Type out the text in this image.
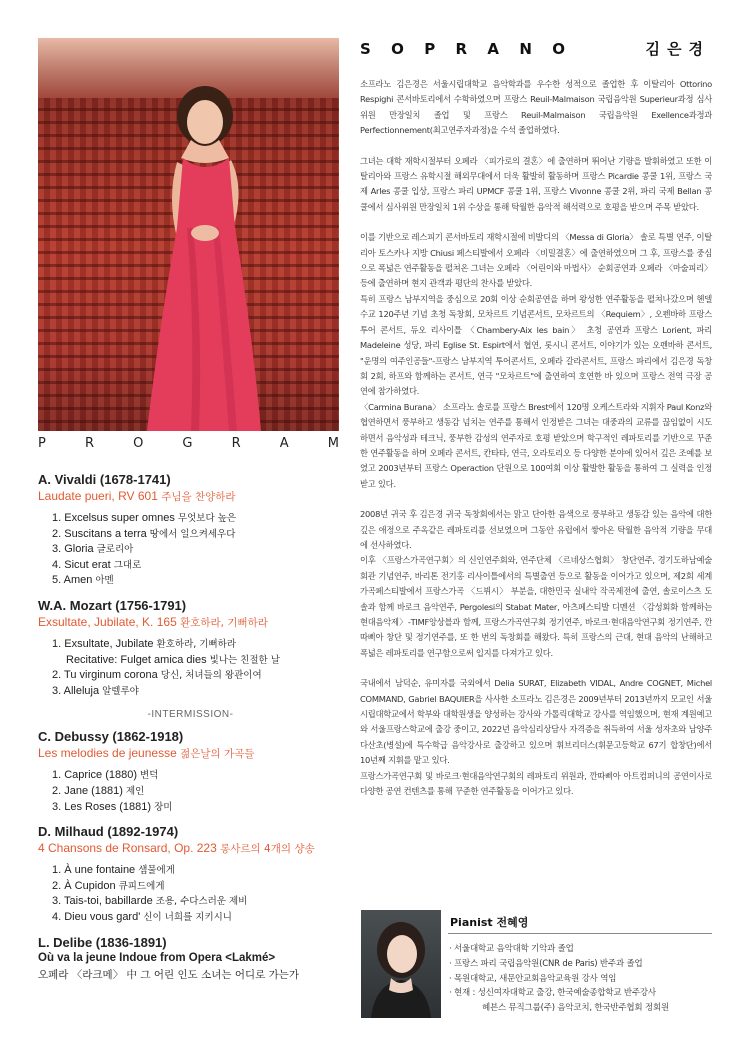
P	R	O	G	R	A	M
A. Vivaldi (1678-1741)
Laudate pueri, RV 601 주님을 찬양하라
1. Excelsus super omnes 무엇보다 높은
2. Suscitans a terra 땅에서 일으켜세우다
3. Gloria 글로리아
4. Sicut erat 그대로
5. Amen 아멘
W.A. Mozart (1756-1791)
Exsultate, Jubilate, K. 165 환호하라, 기뻐하라
1. Exsultate, Jubilate 환호하라, 기뻐하라
Recitative: Fulget amica dies 빛나는 친절한 날
2. Tu virginum corona 당신, 처녀들의 왕관이여
3. Alleluja 알렐루야
-INTERMISSION-
C. Debussy (1862-1918)
Les melodies de jeunesse 젊은날의 가곡들
1. Caprice (1880) 변덕
2. Jane (1881) 제인
3. Les Roses (1881) 장미
D. Milhaud (1892-1974)
4 Chansons de Ronsard, Op. 223 롱사르의 4개의 샹송
1. À une fontaine 샘물에게
2. À Cupidon 큐피드에게
3. Tais-toi, babillarde 조용, 수다스러운 제비
4. Dieu vous gard' 신이 너희를 지키시니
L. Delibe (1836-1891)
Où va la jeune Indoue from Opera <Lakmé>
오페라 〈라크메〉 中 그 어린 인도 소녀는 어디로 가는가
S O P R A N O	김은경

소프라노 김은경은 서울시립대학교 음악학과를 우수한 성적으로 졸업한 후 이탈리아 Ottorino Respighi 콘서바토리에서 수학하였으며 프랑스 Reuil-Malmaison 국립음악원 Superieur과정 심사위원 만장일치 졸업 및 프랑스 Reuil-Malmaison 국립음악원 Exellence과정과 Perfectionnement(최고연주자과정)을 수석 졸업하였다.

그녀는 대학 재학시절부터 오페라 〈피가로의 결혼〉에 출연하며 뛰어난 기량을 발휘하였고 또한 이탈리아와 프랑스 유학시절 해외무대에서 더욱 활발히 활동하며 프랑스 Picardie 콩쿨 1위, 프랑스 국제 Arles 콩쿨 입상, 프랑스 파리 UPMCF 콩쿨 1위, 프랑스 Vivonne 콩쿨 2위, 파리 국제 Bellan 콩쿨에서 심사위원 만장일치 1위 수상을 통해 탁월한 음악적 해석력으로 호평을 받으며 주목 받았다.

이를 기반으로 레스피기 콘서바토리 재학시절에 비발디의 〈Messa di Gloria〉 솔로 특별 연주, 이탈리아 토스카나 지방 Chiusi 페스티발에서 오페라 〈비밀결혼〉에 출연하였으며 그 후, 프랑스를 중심으로 폭넓은 연주활동을 펼쳐온 그녀는 오페라 〈어린이와 마법사〉 순회공연과 오페라 〈마술피리〉 등에 출연하며 현지 관객과 평단의 찬사를 받았다.

특히 프랑스 남부지역을 중심으로 20회 이상 순회공연을 하며 왕성한 연주활동을 펼쳐나갔으며 헨델수교 120주년 기념 초청 독창회, 모차르트 기념콘서트, 모차르트의 〈Requiem〉, 오펜바하 프랑스 투어 콘서트, 듀오 리사이틀 〈Chambery-Aix les bain〉 초청 공연과 프랑스 Lorient, 파리 Madeleine 성당, 파리 Eglise St. Espirt에서 협연, 롯시니 콘서트, 이야기가 있는 오펜바하 콘서트, "운명의 여주인공들"-프랑스 남부지역 투어콘서트, 오페라 갈라콘서트, 프랑스 파리에서 김은경 독창회 2회, 하프와 함께하는 콘서트, 연극 "모차르트"에 출연하여 호연한 바 있으며 프랑스 전역 극장 공연에 참가하였다.

〈Carmina Burana〉 소프라노 솔로를 프랑스 Brest에서 120명 오케스트라와 지휘자 Paul Konz와 협연하면서 풍부하고 생동감 넘치는 연주를 통해서 인정받은 그녀는 대중과의 교류를 끊임없이 시도하면서 음악성과 테크닉, 풍부한 감성의 연주자로 호평 받았으며 학구적인 레파토리를 기반으로 꾸준한 연주활동을 하며 오페라 콘서트, 칸타타, 연극, 오라토리오 등 다양한 분야에 있어서 깊은 조예를 보였고 2003년부터 프랑스 Operaction 단원으로 100여회 이상 활발한 활동을 통하여 그 실력을 인정받고 있다.

2008년 귀국 후 김은경 귀국 독창회에서는 맑고 단아한 음색으로 풍부하고 생동감 있는 음악에 대한 깊은 애정으로 주옥같은 레파토리를 선보였으며 그동안 유럽에서 쌓아온 탁월한 음악적 기량을 무대에 선사하였다.

이후 〈프랑스가곡연구회〉의 신인연주회와, 연주단체 〈르네상스협회〉 창단연주, 경기도하남예술회관 기념연주, 바리톤 전기홍 리사이틀에서의 특별출연 등으로 활동을 이어가고 있으며, 제2회 세계가곡페스티발에서 프랑스가곡 〈드뷔시〉 부분을, 대한민국 실내악 작곡제전에 출연, 솔로이스츠 도솔과 함께 바로크 음악연주, Pergolesi의 Stabat Mater, 아츠페스티발 디멘션 〈감성회화 함께하는 현대음악제〉-TIMF앙상블과 함께, 프랑스가곡연구회 정기연주, 바로크·현대음악연구회 정기연주, 깐따삐아 창단 및 정기연주를, 또 한 번의 독창회를 해왔다. 특히 프랑스의 근대, 현대 음악의 난해하고 폭넓은 레파토리를 연구함으로써 입지를 다져가고 있다.

국내에서 남덕순, 유미자를 국외에서 Delia SURAT, Elizabeth VIDAL, Andre COGNET, Michel COMMAND, Gabriel BAQUIER을 사사한 소프라노 김은경은 2009년부터 2013년까지 모교인 서울시립대학교에서 학부와 대학원생을 양성하는 강사와 가톨릭대학교 강사를 역임했으며, 현재 계원예고와 서울프랑스학교에 출강 중이고, 2022년 음악심리상담사 자격증을 취득하여 서울 성자초와 남양주 다산초(병설)에 특수학급 음악강사로 출강하고 있으며 휘브리더스(휘문고등학교 67기 합창단)에서 10년째 지휘를 맡고 있다.

프랑스가곡연구회 및 바로크·현대음악연구회의 레파토리 위원과, 깐따삐아 아트컴퍼니의 공연이사로 다양한 공연 컨텐츠를 통해 꾸준한 연주활동을 이어가고 있다.

Pianist 전혜영
· 서울대학교 음악대학 기악과 졸업
· 프랑스 파리 국립음악원(CNR de Paris) 반주과 졸업
· 목원대학교, 새문안교회음악교육원 강사 역임
· 현재 : 성신여자대학교 출강, 한국예술종합학교 반주강사
혜븐스 뮤직그룹(주) 음악코치, 한국반주협회 정회원
